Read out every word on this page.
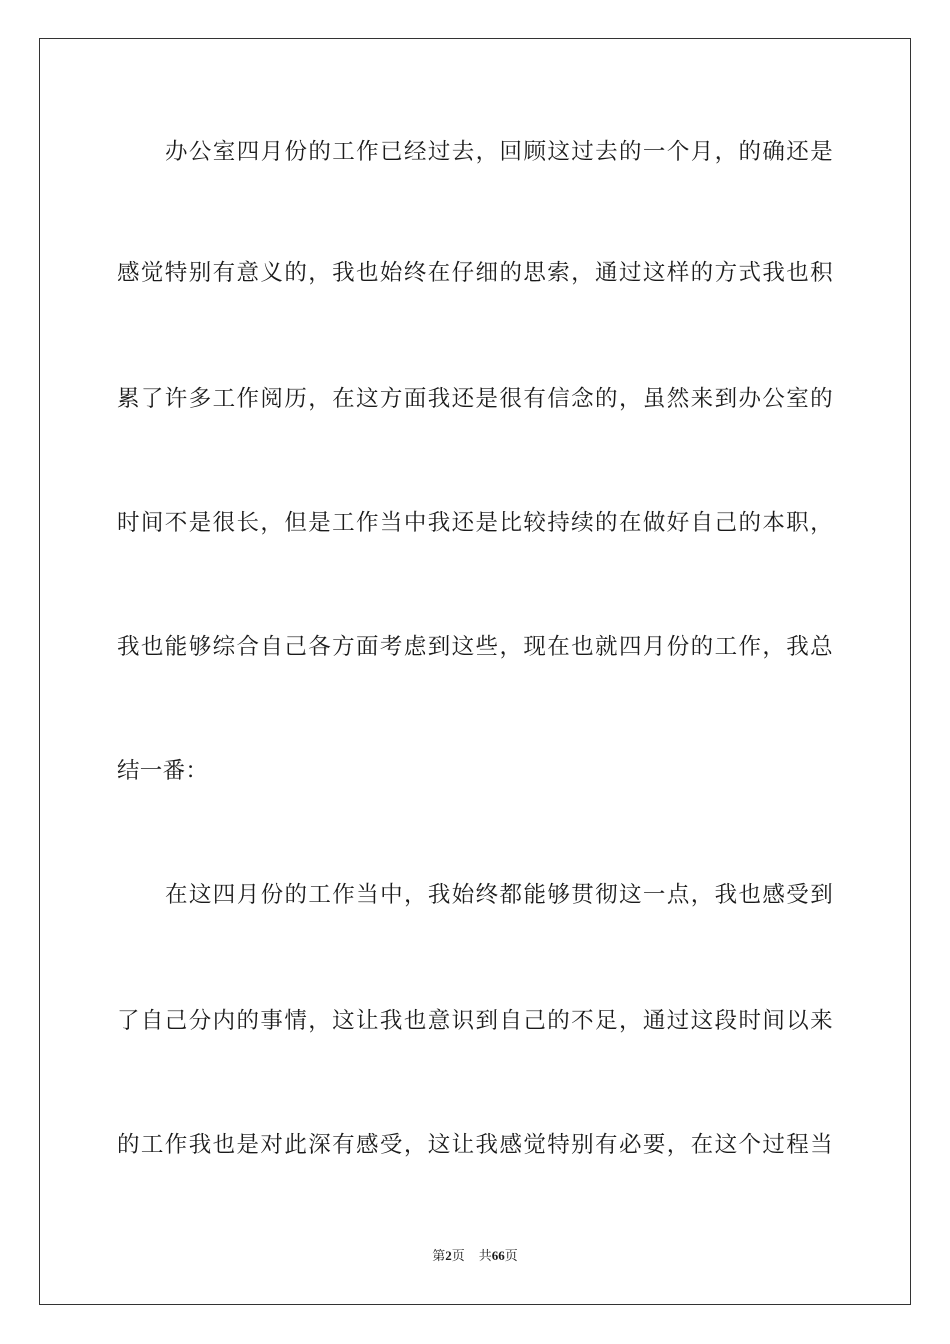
办公室四月份的工作已经过去，回顾这过去的一个月，的确还是
感觉特别有意义的，我也始终在仔细的思索，通过这样的方式我也积
累了许多工作阅历，在这方面我还是很有信念的，虽然来到办公室的
时间不是很长，但是工作当中我还是比较持续的在做好自己的本职，
我也能够综合自己各方面考虑到这些，现在也就四月份的工作，我总
结一番：
在这四月份的工作当中，我始终都能够贯彻这一点，我也感受到
了自己分内的事情，这让我也意识到自己的不足，通过这段时间以来
的工作我也是对此深有感受，这让我感觉特别有必要，在这个过程当
第2页 共66页
